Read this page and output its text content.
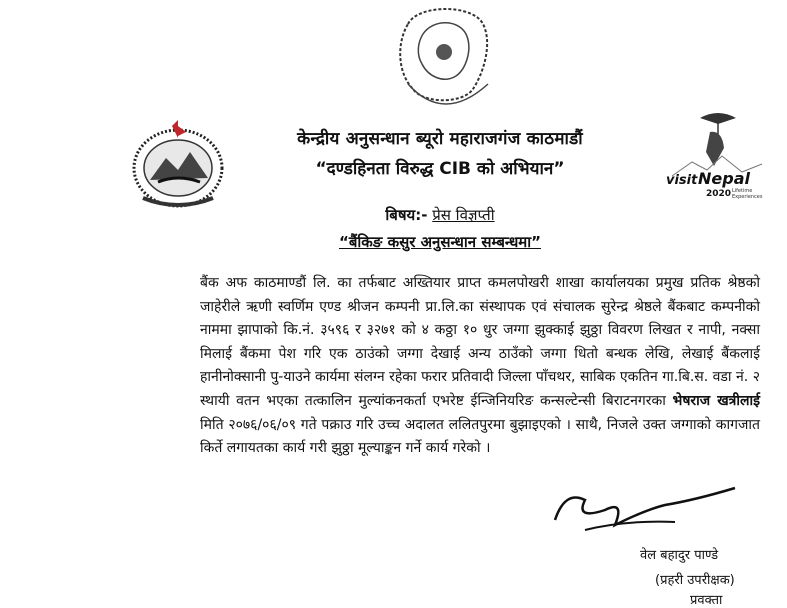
visit Nepal
2020 Lifetime
Experiences
केन्द्रीय अनुसन्धान ब्यूरो महाराजगंज काठमाडौं
“दण्डहिनता विरुद्ध CIB को अभियान”
बिषय:- प्रेस विज्ञप्ती
“बैंकिङ कसुर अनुसन्धान सम्बन्धमा”
बैंक अफ काठमाण्डौं लि. का तर्फबाट अख्तियार प्राप्त कमलपोखरी शाखा कार्यालयका प्रमुख प्रतिक श्रेष्ठको जाहेरीले ऋणी स्वर्णिम एण्ड श्रीजन कम्पनी प्रा.लि.का संस्थापक एवं संचालक सुरेन्द्र श्रेष्ठले बैंकबाट कम्पनीको नाममा झापाको कि.नं. ३५९६ र ३२७१ को ४ कठ्ठा १० धुर जग्गा झुक्काई झुठ्ठा विवरण लिखत र नापी, नक्सा मिलाई बैंकमा पेश गरि एक ठाउंको जग्गा देखाई अन्य ठाउँको जग्गा धितो बन्धक लेखि, लेखाई बैंकलाई हानीनोक्सानी पु-याउने कार्यमा संलग्न रहेका फरार प्रतिवादी जिल्ला पाँचथर, साबिक एकतिन गा.बि.स. वडा नं. २ स्थायी वतन भएका तत्कालिन मुल्यांकनकर्ता एभरेष्ट ईन्जिनियरिङ कन्सल्टेन्सी बिराटनगरका भेषराज खत्रीलाई मिति २०७६/०६/०९ गते पक्राउ गरि उच्च अदालत ललितपुरमा बुझाइएको । साथै, निजले उक्त जग्गाको कागजात किर्ते लगायतका कार्य गरी झुठ्ठा मूल्याङ्कन गर्ने कार्य गरेको ।
वेल बहादुर पाण्डे
(प्रहरी उपरीक्षक)
प्रवक्ता
